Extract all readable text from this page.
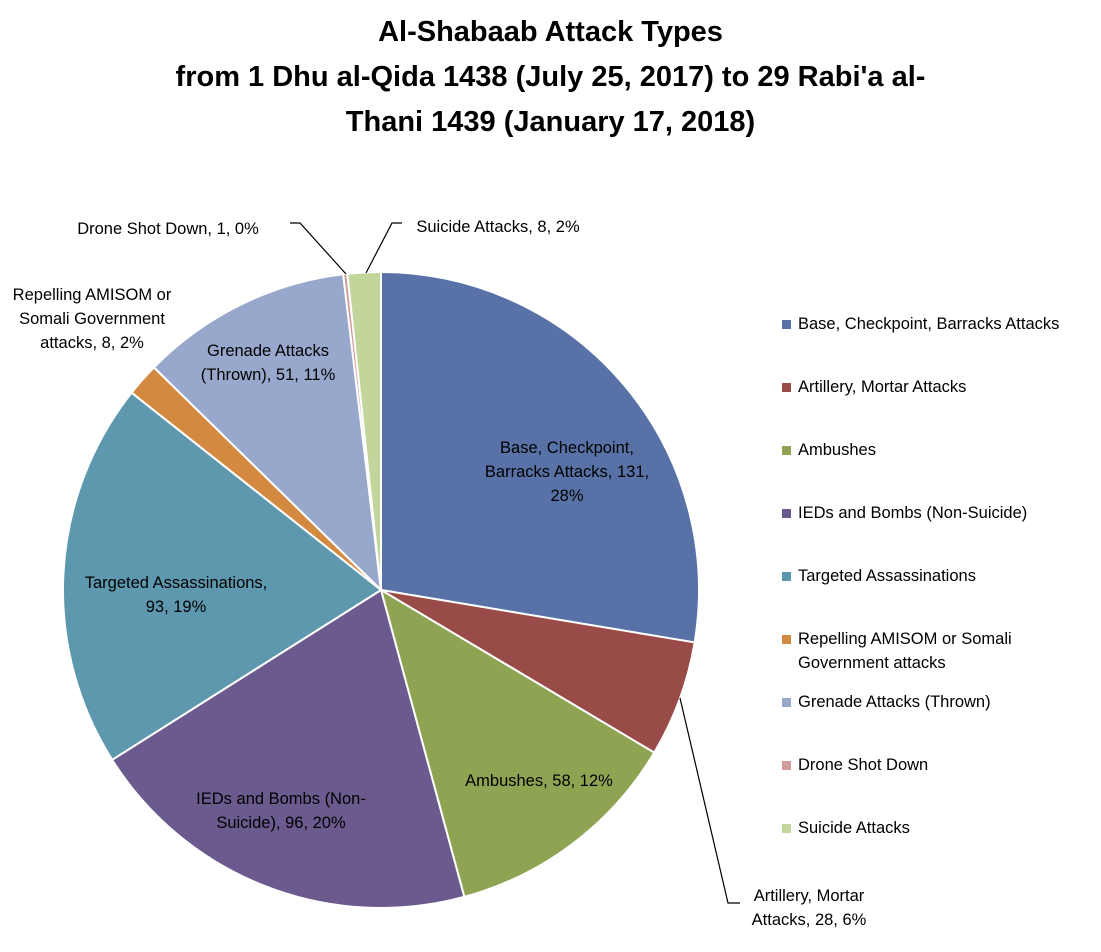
Al-Shabaab Attack Types
from 1 Dhu al-Qida 1438 (July 25, 2017) to 29 Rabi'a al-
Thani 1439 (January 17, 2018)
Base, Checkpoint, Barracks Attacks, 131, 28%
Artillery, Mortar Attacks, 28, 6%
Ambushes, 58, 12%
IEDs and Bombs (Non-Suicide), 96, 20%
Targeted Assassinations, 93, 19%
Repelling AMISOM or Somali Government attacks, 8, 2%	Grenade Attacks (Thrown), 51, 11%
Drone Shot Down, 1, 0%	Suicide Attacks, 8, 2%
Base, Checkpoint, Barracks Attacks
Artillery, Mortar Attacks
Ambushes
IEDs and Bombs (Non-Suicide)
Targeted Assassinations
Repelling AMISOM or Somali
Government attacks
Grenade Attacks (Thrown)
Drone Shot Down
Suicide Attacks
